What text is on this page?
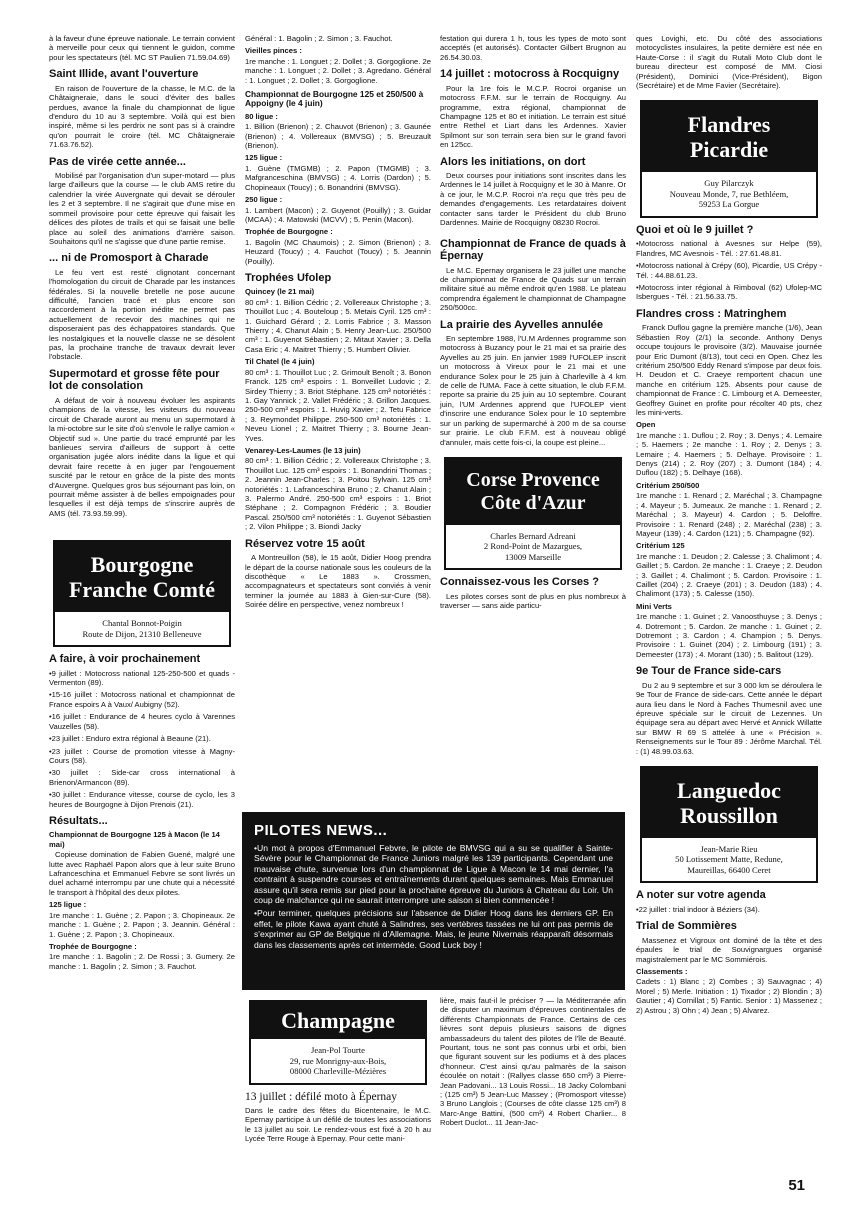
à la faveur d'une épreuve nationale. Le terrain convient à merveille pour ceux qui tiennent le guidon, comme pour les spectateurs (tél. MC ST Paulien 71.59.04.69)

Saint Illide, avant l'ouverture

En raison de l'ouverture de la chasse, le M.C. de la Châtaigneraie, dans le souci d'éviter des balles perdues, avance la finale du championnat de ligue d'enduro du 10 au 3 septembre. Voilà qui est bien inspiré, même si les perdrix ne sont pas si à craindre qu'on pourrait le croire (tél. MC Châtaigneraie 71.63.76.52).

Pas de virée cette année...

Mobilisé par l'organisation d'un super-motard — plus large d'ailleurs que la course — le club AMS retire du calendrier la virée Auvergnate qui devait se dérouler les 2 et 3 septembre. Il ne s'agirait que d'une mise en sommeil provisoire pour cette épreuve qui faisait les délices des pilotes de trails et qui se faisait une belle place au soleil des animations d'arrière saison. Souhaitons qu'il ne s'agisse que d'une partie remise.

... ni de Promosport à Charade

Le feu vert est resté clignotant concernant l'homologation du circuit de Charade par les instances fédérales. Si la nouvelle bretelle ne pose aucune difficulté, l'ancien tracé et plus encore son raccordement à la portion inédite ne permet pas actuellement de recevoir des machines qui ne disposeraient pas des échappatoires standards. Que les nostalgiques et la nouvelle classe ne se désolent pas, la prochaine tranche de travaux devrait lever l'obstacle.

Supermotard et grosse fête pour lot de consolation

A défaut de voir à nouveau évoluer les aspirants champions de la vitesse, les visiteurs du nouveau circuit de Charade auront au menu un supermotard à la mi-octobre sur le site d'où s'envole le rallye camion « Objectif sud ». Une partie du tracé emprunté par les banlieues servira d'ailleurs de support à cette organisation jugée alors inédite dans la ligue et qui devrait faire recette à en juger par l'engouement suscité par le retour en grâce de la piste des monts d'Auvergne. Quelques gros bus séjournant pas loin, on pourrait même assister à de belles empoignades pour lesquelles il est déjà temps de s'inscrire auprès de AMS (tél. 73.93.59.99).

Bourgogne Franche Comté
Chantal Bonnot-Poigin
Route de Dijon, 21310 Belleneuve
A faire, à voir prochainement

• 9 juillet : Motocross national 125-250-500 et quads - Vermenton (89).

• 15-16 juillet : Motocross national et championnat de France espoirs A à Vaux/ Aubigny (52).

• 16 juillet : Endurance de 4 heures cyclo à Varennes Vauzelles (58).

• 23 juillet : Enduro extra régional à Beaune (21).

• 23 juillet : Course de promotion vitesse à Magny-Cours (58).

• 30 juillet : Side-car cross international à Brienon/Armancon (89).

• 30 juillet : Endurance vitesse, course de cyclo, les 3 heures de Bourgogne à Dijon Prenois (21).

Résultats...
Championnat de Bourgogne 125 à Macon (le 14 mai)

Copieuse domination de Fabien Guené, malgré une lutte avec Raphaël Papon alors que à leur suite Bruno Lafranceschina et Emmanuel Febvre se sont livrés un duel acharné interrompu par une chute qui a nécessité le transport à l'hôpital des deux pilotes.

125 ligue :

1re manche : 1. Guène ; 2. Papon ; 3. Chopineaux. 2e manche : 1. Guène ; 2. Papon ; 3. Jeannin. Général : 1. Guène ; 2. Papon ; 3. Chopineaux.

Trophée de Bourgogne :

1re manche : 1. Bagolin ; 2. De Rossi ; 3. Gumery. 2e manche : 1. Bagolin ; 2. Simon ; 3. Fauchot.

Général : 1. Bagolin ; 2. Simon ; 3. Fauchot.

Vieilles pinces :

1re manche : 1. Longuet ; 2. Dollet ; 3. Gorgoglione. 2e manche : 1. Longuet ; 2. Dollet ; 3. Agredano. Général : 1. Longuet ; 2. Dollet ; 3. Gorgoglione.

Championnat de Bourgogne 125 et 250/500 à Appoigny (le 4 juin)
80 ligue :

1. Billion (Brienon) ; 2. Chauvot (Brienon) ; 3. Gaunée (Brienon) ; 4. Vollereaux (BMVSG) ; 5. Breuzault (Brienon).

125 ligue :

1. Guène (TMGMB) ; 2. Papon (TMGMB) ; 3. Mafgranceschina (BMVSG) ; 4. Lorris (Dardon) ; 5. Chopineaux (Toucy) ; 6. Bonandrini (BMVSG).

250 ligue :

1. Lambert (Macon) ; 2. Guyenot (Pouilly) ; 3. Guidar (MCAA) ; 4. Matowski (MCVV) ; 5. Penin (Macon).

Trophée de Bourgogne :

1. Bagolin (MC Chaumois) ; 2. Simon (Brienon) ; 3. Heuzard (Toucy) ; 4. Fauchot (Toucy) ; 5. Jeannin (Pouilly).

Trophées Ufolep
Quincey (le 21 mai)

80 cm³ : 1. Billion Cédric ; 2. Vollereaux Christophe ; 3. Thouillot Luc ; 4. Bouteloup ; 5. Metais Cyril. 125 cm³ : 1. Guichard Gérard ; 2. Lorris Fabrice ; 3. Masson Thierry ; 4. Chanut Alain ; 5. Henry Jean-Luc. 250/500 cm³ : 1. Guyenot Sébastien ; 2. Mitaut Xavier ; 3. Della Casa Eric ; 4. Maitret Thierry ; 5. Humbert Olivier.

Til Chatel (le 4 juin)

80 cm³ : 1. Thouillot Luc ; 2. Grimoult Benoît ; 3. Bonon Franck. 125 cm³ espoirs : 1. Bonveillet Ludovic ; 2. Sirdey Thierry ; 3. Briot Stéphane. 125 cm³ notoriétés : 1. Gay Yannick ; 2. Vallet Frédéric ; 3. Grillon Jacques. 250-500 cm³ espoirs : 1. Huvig Xavier ; 2. Tetu Fabrice ; 3. Reymondet Philippe. 250-500 cm³ notoriétés : 1. Neveu Lionel ; 2. Maitret Thierry ; 3. Bourne Jean-Yves.

Venarey-Les-Laumes (le 13 juin)

80 cm³ : 1. Billion Cédric ; 2. Vollereaux Christophe ; 3. Thouillot Luc. 125 cm³ espoirs : 1. Bonandrini Thomas ; 2. Jeannin Jean-Charles ; 3. Poitou Sylvain. 125 cm³ notoriétés : 1. Lafranceschina Bruno ; 2. Chanut Alain ; 3. Palermo André. 250-500 cm³ espoirs : 1. Briot Stéphane ; 2. Compagnon Frédéric ; 3. Boudier Pascal. 250/500 cm³ notoriétés : 1. Guyenot Sébastien ; 2. Vilon Philippe ; 3. Biondi Jacky

Réservez votre 15 août

A Montreuillon (58), le 15 août, Didier Hoog prendra le départ de la course nationale sous les couleurs de la discothèque « Le 1883 ». Crossmen, accompagnateurs et spectateurs sont conviés à venir terminer la journée au 1883 à Gien-sur-Cure (58). Soirée délire en perspective, venez nombreux !

Champagne
Jean-Pol Tourte
29, rue Monrigny-aux-Bois,
08000 Charleville-Mézières
13 juillet : défilé moto à Épernay

Dans le cadre des fêtes du Bicentenaire, le M.C. Epernay participe à un défilé de toutes les associations le 13 juillet au soir. Le rendez-vous est fixé à 20 h au Lycée Terre Rouge à Epernay. Pour cette mani-

festation qui durera 1 h, tous les types de moto sont acceptés (et autorisés). Contacter Gilbert Brugnon au 26.54.30.03.

14 juillet : motocross à Rocquigny

Pour la 1re fois le M.C.P. Rocroi organise un motocross F.F.M. sur le terrain de Rocquigny. Au programme, extra régional, championnat de Champagne 125 et 80 et initiation. Le terrain est situé entre Rethel et Liart dans les Ardennes. Xavier Spilmont sur son terrain sera bien sur le grand favori en 125cc.

Alors les initiations, on dort

Deux courses pour initiations sont inscrites dans les Ardennes le 14 juillet à Rocquigny et le 30 à Manre. Or à ce jour, le M.C.P. Rocroi n'a reçu que très peu de demandes d'engagements. Les retardataires doivent contacter sans tarder le Président du club Bruno Dardennes. Mairie de Rocquigny 08230 Rocroi.

Championnat de France de quads à Épernay

Le M.C. Epernay organisera le 23 juillet une manche de championnat de France de Quads sur un terrain militaire situé au même endroit qu'en 1988. Le plateau comprendra également le championnat de Champagne 250/500cc.

La prairie des Ayvelles annulée

En septembre 1988, l'U.M Ardennes programme son motocross à Buzancy pour le 21 mai et sa prairie des Ayvelles au 25 juin. En janvier 1989 l'UFOLEP inscrit un motocross à Vireux pour le 21 mai et une endurance Solex pour le 25 juin à Charleville à 4 km de celle de l'UMA. Face à cette situation, le club F.F.M. reporte sa prairie du 25 juin au 10 septembre. Courant juin, l'UM Ardennes apprend que l'UFOLEP vient d'inscrire une endurance Solex pour le 10 septembre sur un parking de supermarché à 200 m de sa course sur prairie. Le club F.F.M. est à nouveau obligé d'annuler, mais cette fois-ci, la coupe est pleine...

Corse Provence Côte d'Azur
Charles Bernard Adreani
2 Rond-Point de Mazargues,
13009 Marseille
Connaissez-vous les Corses ?

Les pilotes corses sont de plus en plus nombreux à traverser — sans aide particu-

lière, mais faut-il le préciser ? — la Méditerranée afin de disputer un maximum d'épreuves continentales de différents Championnats de France. Certains de ces lièvres sont depuis plusieurs saisons de dignes ambassadeurs du talent des pilotes de l'île de Beauté. Pourtant, tous ne sont pas connus urbi et orbi, bien que figurant souvent sur les podiums et à des places d'honneur. C'est ainsi qu'au palmarès de la saison écoulée on notait : (Rallyes classe 650 cm³) 3 Pierre-Jean Padovani... 13 Louis Rossi... 18 Jacky Colombani ; (125 cm³) 5 Jean-Luc Massey ; (Promosport vitesse) 3 Bruno Langlois ; (Courses de côte classe 125 cm³) 8 Marc-Ange Battini, (500 cm³) 4 Robert Charlier... 8 Robert Duclot... 11 Jean-Jac-

PILOTES NEWS...

• Un mot à propos d'Emmanuel Febvre, le pilote de BMVSG qui a su se qualifier à Sainte-Sévère pour le Championnat de France Juniors malgré les 139 participants. Cependant une mauvaise chute, survenue lors d'un championnat de Ligue à Macon le 14 mai dernier, l'a contraint à suspendre courses et entraînements durant quelques semaines. Mais Emmanuel assure qu'il sera remis sur pied pour la prochaine épreuve du Juniors à Chateau du Loir. Un coup de malchance qui ne saurait interrompre une saison si bien commencée !

• Pour terminer, quelques précisions sur l'absence de Didier Hoog dans les derniers GP. En effet, le pilote Kawa ayant chuté à Salindres, ses vertèbres tassées ne lui ont pas permis de s'exprimer au GP de Belgique ni d'Allemagne. Mais, le jeune Nivernais réapparaît désormais dans les classements après cet intermède. Good Luck boy !

ques Lovighi, etc. Du côté des associations motocyclistes insulaires, la petite dernière est née en Haute-Corse : il s'agit du Rutali Moto Club dont le bureau directeur est composé de MM. Ciosi (Président), Dominici (Vice-Président), Bigon (Secrétaire) et de Mme Favier (Secrétaire).

Flandres Picardie
Guy Pilarczyk
Nouveau Monde, 7, rue Bethléem,
59253 La Gorgue
Quoi et où le 9 juillet ?

• Motocross national à Avesnes sur Helpe (59), Flandres, MC Avesnois - Tél. : 27.61.48.81.

• Motocross national à Crépy (60), Picardie, US Crépy - Tél. : 44.88.61.23.

• Motocross inter régional à Rimboval (62) Ufolep-MC Isbergues - Tél. : 21.56.33.75.

Flandres cross : Matringhem

Franck Duflou gagne la première manche (1/6), Jean Sébastien Roy (2/1) la seconde. Anthony Denys occupe toujours le provisoire (3/2). Mauvaise journée pour Eric Dumont (8/13), tout ceci en Open. Chez les critérium 250/500 Eddy Renard s'impose par deux fois. H. Deudon et C. Craeye remportent chacun une manche en critérium 125. Absents pour cause de championnat de France : C. Limbourg et A. Demeester, Geoffrey Guinet en profite pour récolter 40 pts, chez les mini-verts.

Open

1re manche : 1. Duflou ; 2. Roy ; 3. Denys ; 4. Lemaire ; 5. Haemers ; 2e manche : 1. Roy ; 2. Denys ; 3. Lemaire ; 4. Haemers ; 5. Delhaye. Provisoire : 1. Denys (214) ; 2. Roy (207) ; 3. Dumont (184) ; 4. Duflou (182) ; 5. Delhaye (168).

Critérium 250/500

1re manche : 1. Renard ; 2. Maréchal ; 3. Champagne ; 4. Mayeur ; 5. Jumeaux. 2e manche : 1. Renard ; 2. Maréchal ; 3. Mayeur) 4. Cardon ; 5. Deloffre. Provisoire : 1. Renard (248) ; 2. Maréchal (238) ; 3. Mayeur (139) ; 4. Cardon (121) ; 5. Champagne (92).

Critérium 125

1re manche : 1. Deudon ; 2. Calesse ; 3. Chalimont ; 4. Gaillet ; 5. Cardon. 2e manche : 1. Craeye ; 2. Deudon ; 3. Gaillet ; 4. Chalimont ; 5. Cardon. Provisoire : 1. Caillet (204) ; 2. Craeye (201) ; 3. Deudon (183) ; 4. Chalimont (173) ; 5. Calesse (150).

Mini Verts

1re manche : 1. Guinet ; 2. Vanoosthuyse ; 3. Denys ; 4. Dotremont ; 5. Cardon. 2e manche : 1. Guinet ; 2. Dotremont ; 3. Cardon ; 4. Champion ; 5. Denys. Provisoire : 1. Guinet (204) ; 2. Limbourg (191) ; 3. Demeester (173) ; 4. Morant (130) ; 5. Balitout (129).

9e Tour de France side-cars

Du 2 au 9 septembre et sur 3 000 km se déroulera le 9e Tour de France de side-cars. Cette année le départ aura lieu dans le Nord à Faches Thumesnil avec une épreuve spéciale sur le circuit de Lezennes. Un équipage sera au départ avec Hervé et Annick Willatte sur BMW R 69 S attelée à une « Précision ». Renseignements sur le Tour 89 : Jérôme Marchal. Tél. : (1) 48.99.03.63.

Languedoc Roussillon
Jean-Marie Rieu
50 Lotissement Matte, Redune,
Maureillas, 66400 Ceret
A noter sur votre agenda

• 22 juillet : trial indoor à Béziers (34).

Trial de Sommières

Massenez et Vigroux ont dominé de la tête et des épaules le trial de Souvignargues organisé magistralement par le MC Sommiérois.

Classements :

Cadets : 1) Blanc ; 2) Combes ; 3) Sauvagnac ; 4) Morel ; 5) Merle. Initiation : 1) Tixador ; 2) Blondin ; 3) Gautier ; 4) Cornillat ; 5) Fantic. Senior : 1) Massenez ; 2) Astrou ; 3) Ohn ; 4) Jean ; 5) Alvarez.

51
